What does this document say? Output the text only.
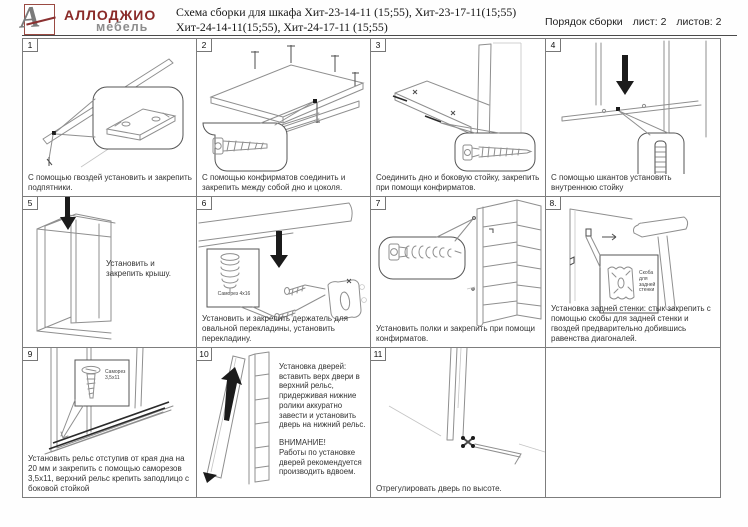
А АЛЛОДЖИО
мебель
Схема сборки для шкафа Хит-23-14-11 (15;55), Хит-23-17-11(15;55)
Хит-24-14-11(15;55), Хит-24-17-11 (15;55)	Порядок сборки лист: 2 листов: 2
1
С помощью гвоздей установить и закрепить подпятники.
2
С помощью конфирматов соединить и закрепить между собой дно и цоколя.
3
Соединить дно и боковую стойку, закрепить при помощи конфирматов.
4
С помощью шкантов установить внутреннюю стойку
5
Установить и закрепить крышу.
6
Саморез 4х16
Установить и закрепить держатель для овальной перекладины, установить перекладину.
7
Установить полки и закрепить при помощи конфирматов.
8.
Скоба для задней стенки
Установка задней стенки: стык закрепить с помощью скобы для задней стенки и гвоздей предварительно добившись равенства диагоналей.
9
Саморез 3,5х11
Установить рельс отступив от края дна на 20 мм и закрепить с помощью саморезов 3,5х11, верхний рельс крепить заподлицо с боковой стойкой
10
Установка дверей: вставить верх двери в верхний рельс, придерживая нижние ролики аккуратно завести и установить дверь на нижний рельс.
ВНИМАНИЕ!
Работы по установке дверей рекомендуется производить вдвоем.
11
Отрегулировать дверь по высоте.
